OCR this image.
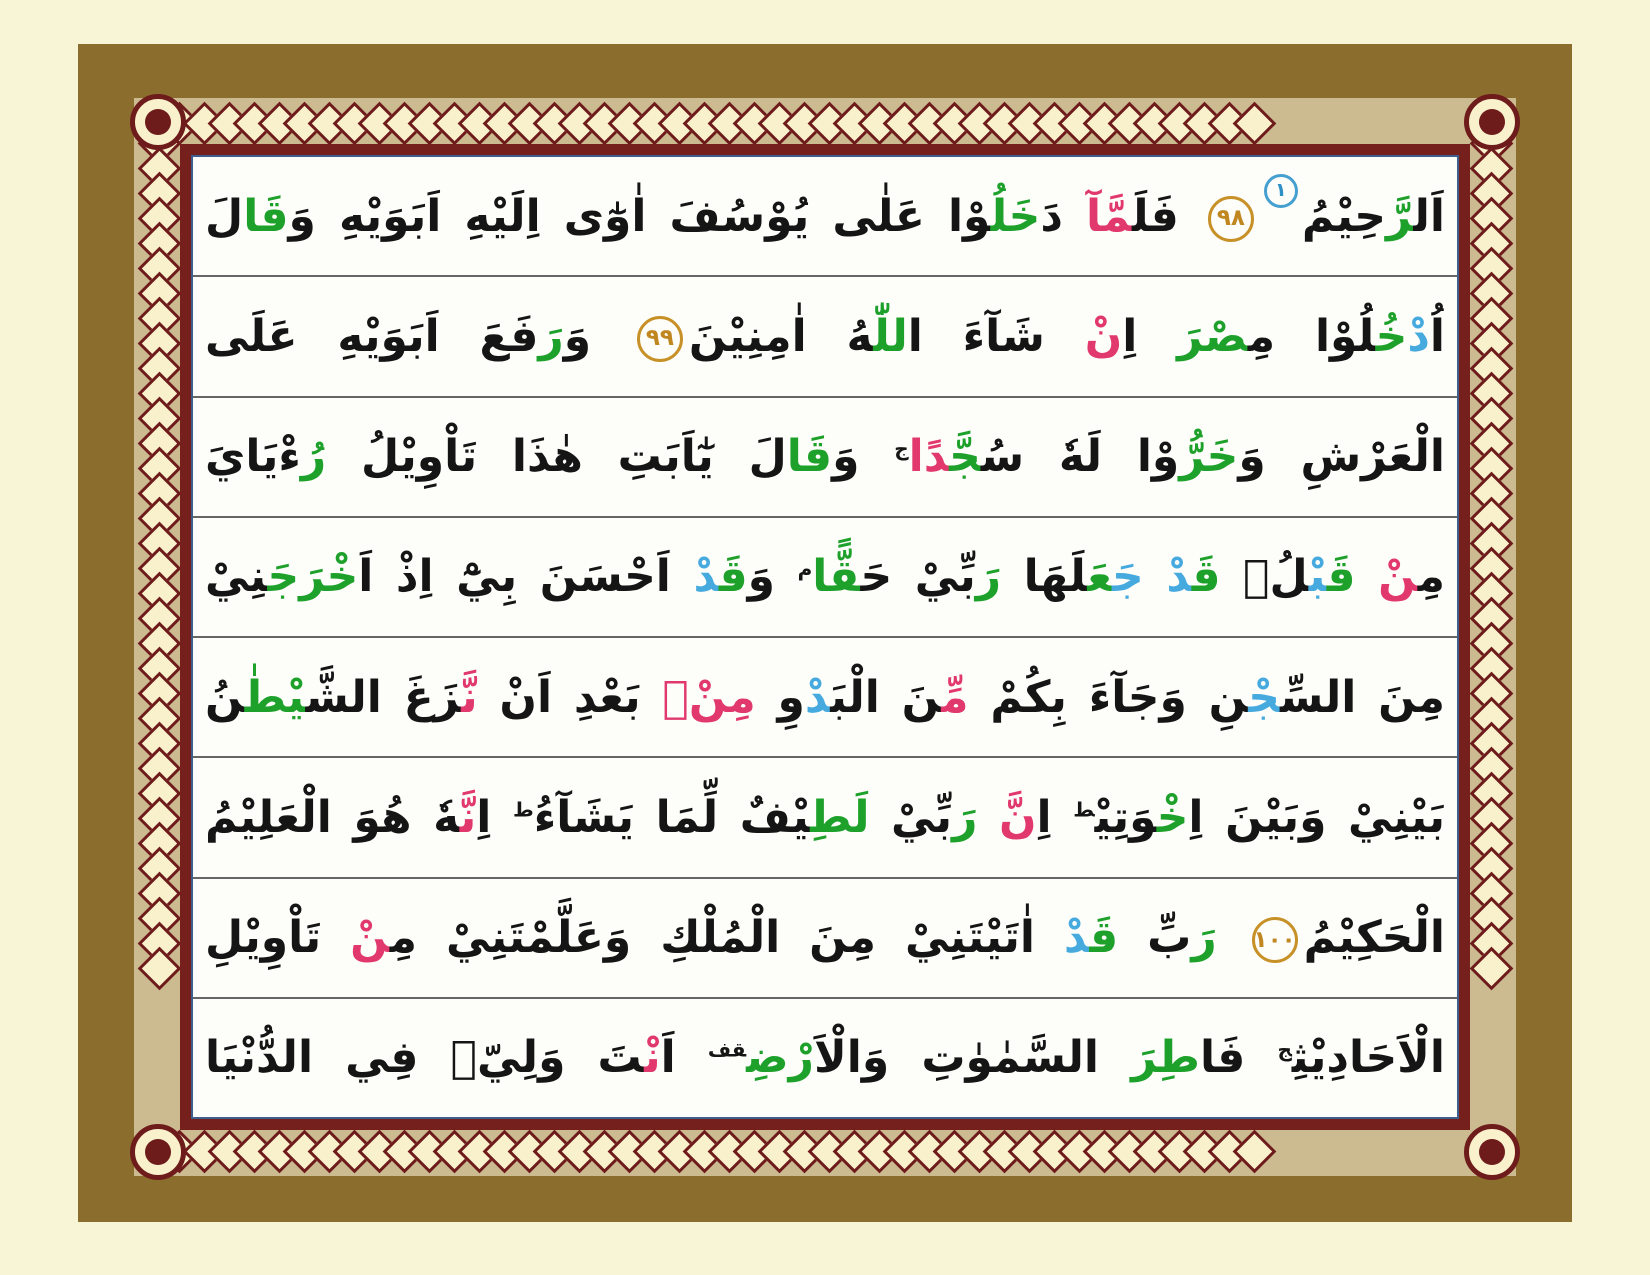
اَلرَّحِيْمُ١٩٨ فَلَمَّآ دَخَلُوْا عَلٰى يُوْسُفَ اٰوٰٓى اِلَيْهِ اَبَوَيْهِ وَقَالَ
اُدْخُلُوْا مِصْرَ اِنْ شَآءَ اللّٰهُ اٰمِنِيْنَ٩٩ وَرَفَعَ اَبَوَيْهِ عَلَى
الْعَرْشِ وَخَرُّوْا لَهٗ سُجَّدًا$^ج$ وَقَالَ يٰٓاَبَتِ هٰذَا تَاْوِيْلُ رُءْيَايَ
مِنْ قَبْلُۢ قَدْ جَعَلَهَا رَبِّيْ حَقًّا$^م$ وَقَدْ اَحْسَنَ بِيْٓ اِذْ اَخْرَجَنِيْ
مِنَ السِّجْنِ وَجَآءَ بِكُمْ مِّنَ الْبَدْوِ مِنْۢ بَعْدِ اَنْ نَّزَغَ الشَّيْطٰنُ
بَيْنِيْ وَبَيْنَ اِخْوَتِيْ$^ط$ اِنَّ رَبِّيْ لَطِيْفٌ لِّمَا يَشَآءُ$^ط$ اِنَّهٗ هُوَ الْعَلِيْمُ
الْحَكِيْمُ١٠٠ رَبِّ قَدْ اٰتَيْتَنِيْ مِنَ الْمُلْكِ وَعَلَّمْتَنِيْ مِنْ تَاْوِيْلِ
الْاَحَادِيْثِ$^ج$ فَاطِرَ السَّمٰوٰتِ وَالْاَرْضِ$^{قف}$ اَنْتَ وَلِيّٖ فِي الدُّنْيَا
